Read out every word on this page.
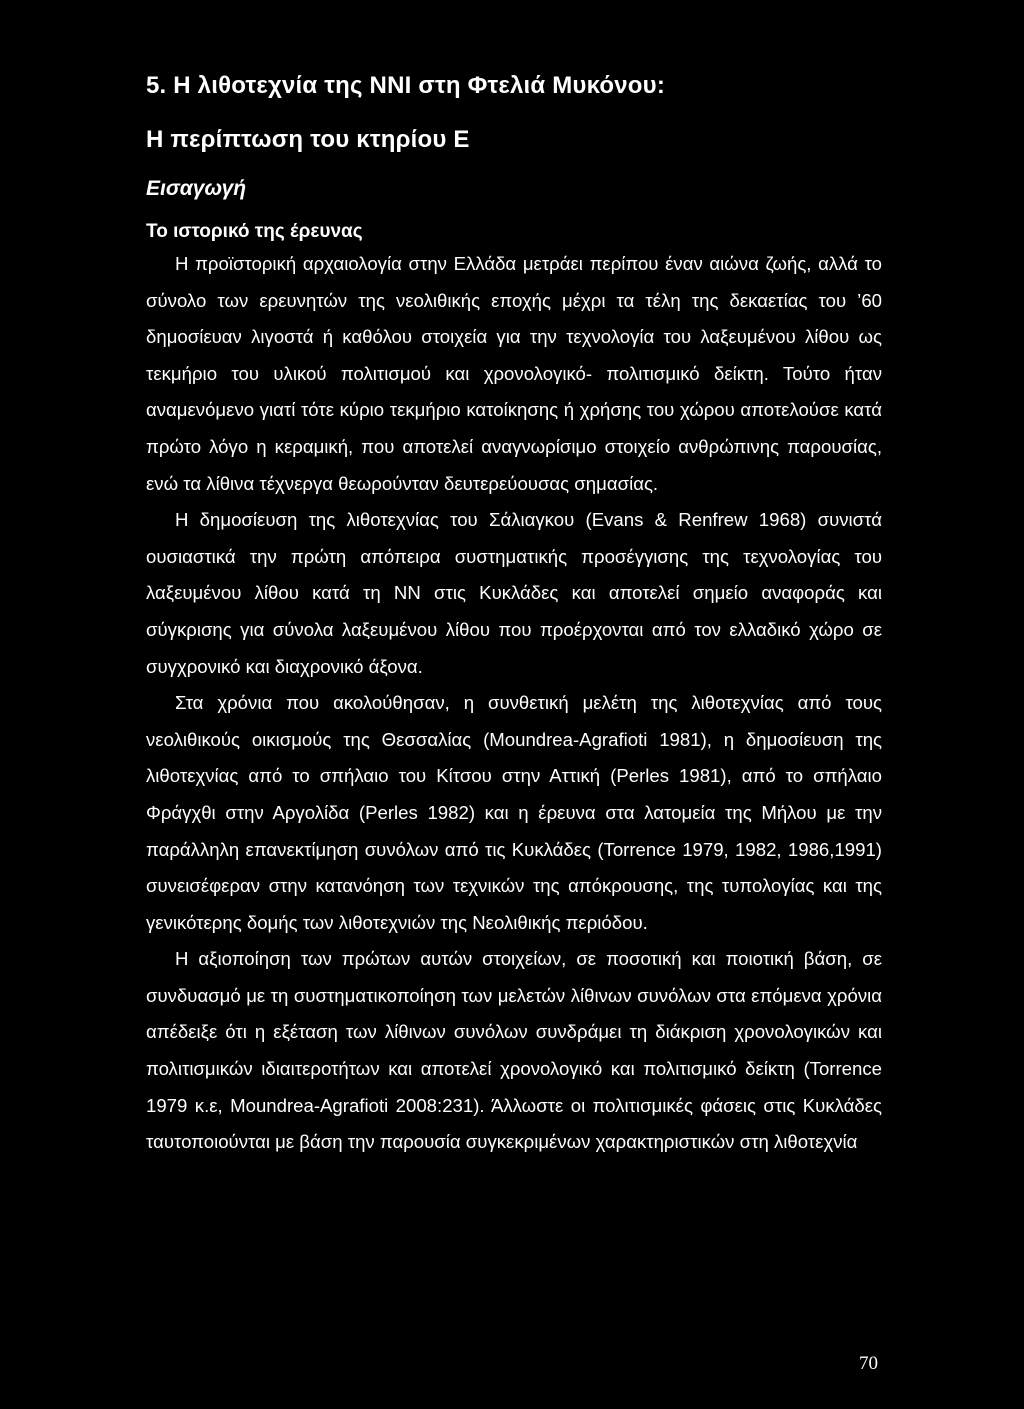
5. Η λιθοτεχνία της ΝΝΙ στη Φτελιά Μυκόνου:
Η περίπτωση του κτηρίου Ε
Εισαγωγή
Το ιστορικό της έρευνας

Η προϊστορική αρχαιολογία στην Ελλάδα μετράει περίπου έναν αιώνα ζωής, αλλά το σύνολο των ερευνητών της νεολιθικής εποχής μέχρι τα τέλη της δεκαετίας του ’60 δημοσίευαν λιγοστά ή καθόλου στοιχεία για την τεχνολογία του λαξευμένου λίθου ως τεκμήριο του υλικού πολιτισμού και χρονολογικό- πολιτισμικό δείκτη. Τούτο ήταν αναμενόμενο γιατί τότε κύριο τεκμήριο κατοίκησης ή χρήσης του χώρου αποτελούσε κατά πρώτο λόγο η κεραμική, που αποτελεί αναγνωρίσιμο στοιχείο ανθρώπινης παρουσίας, ενώ τα λίθινα τέχνεργα θεωρούνταν δευτερεύουσας σημασίας.

Η δημοσίευση της λιθοτεχνίας του Σάλιαγκου (Evans & Renfrew 1968) συνιστά ουσιαστικά την πρώτη απόπειρα συστηματικής προσέγγισης της τεχνολογίας του λαξευμένου λίθου κατά τη ΝΝ στις Κυκλάδες και αποτελεί σημείο αναφοράς και σύγκρισης για σύνολα λαξευμένου λίθου που προέρχονται από τον ελλαδικό χώρο σε συγχρονικό και διαχρονικό άξονα.

Στα χρόνια που ακολούθησαν, η συνθετική μελέτη της λιθοτεχνίας από τους νεολιθικούς οικισμούς της Θεσσαλίας (Moundrea-Agrafioti 1981), η δημοσίευση της λιθοτεχνίας από το σπήλαιο του Κίτσου στην Αττική (Perles 1981), από το σπήλαιο Φράγχθι στην Αργολίδα (Perles 1982) και η έρευνα στα λατομεία της Μήλου με την παράλληλη επανεκτίμηση συνόλων από τις Κυκλάδες (Torrence 1979, 1982, 1986,1991) συνεισέφεραν στην κατανόηση των τεχνικών της απόκρουσης, της τυπολογίας και της γενικότερης δομής των λιθοτεχνιών της Νεολιθικής περιόδου.

Η αξιοποίηση των πρώτων αυτών στοιχείων, σε ποσοτική και ποιοτική βάση, σε συνδυασμό με τη συστηματικοποίηση των μελετών λίθινων συνόλων στα επόμενα χρόνια απέδειξε ότι η εξέταση των λίθινων συνόλων συνδράμει τη διάκριση χρονολογικών και πολιτισμικών ιδιαιτεροτήτων και αποτελεί χρονολογικό και πολιτισμικό δείκτη (Torrence 1979 κ.ε, Moundrea-Agrafioti 2008:231). Άλλωστε οι πολιτισμικές φάσεις στις Κυκλάδες ταυτοποιούνται με βάση την παρουσία συγκεκριμένων χαρακτηριστικών στη λιθοτεχνία

70
